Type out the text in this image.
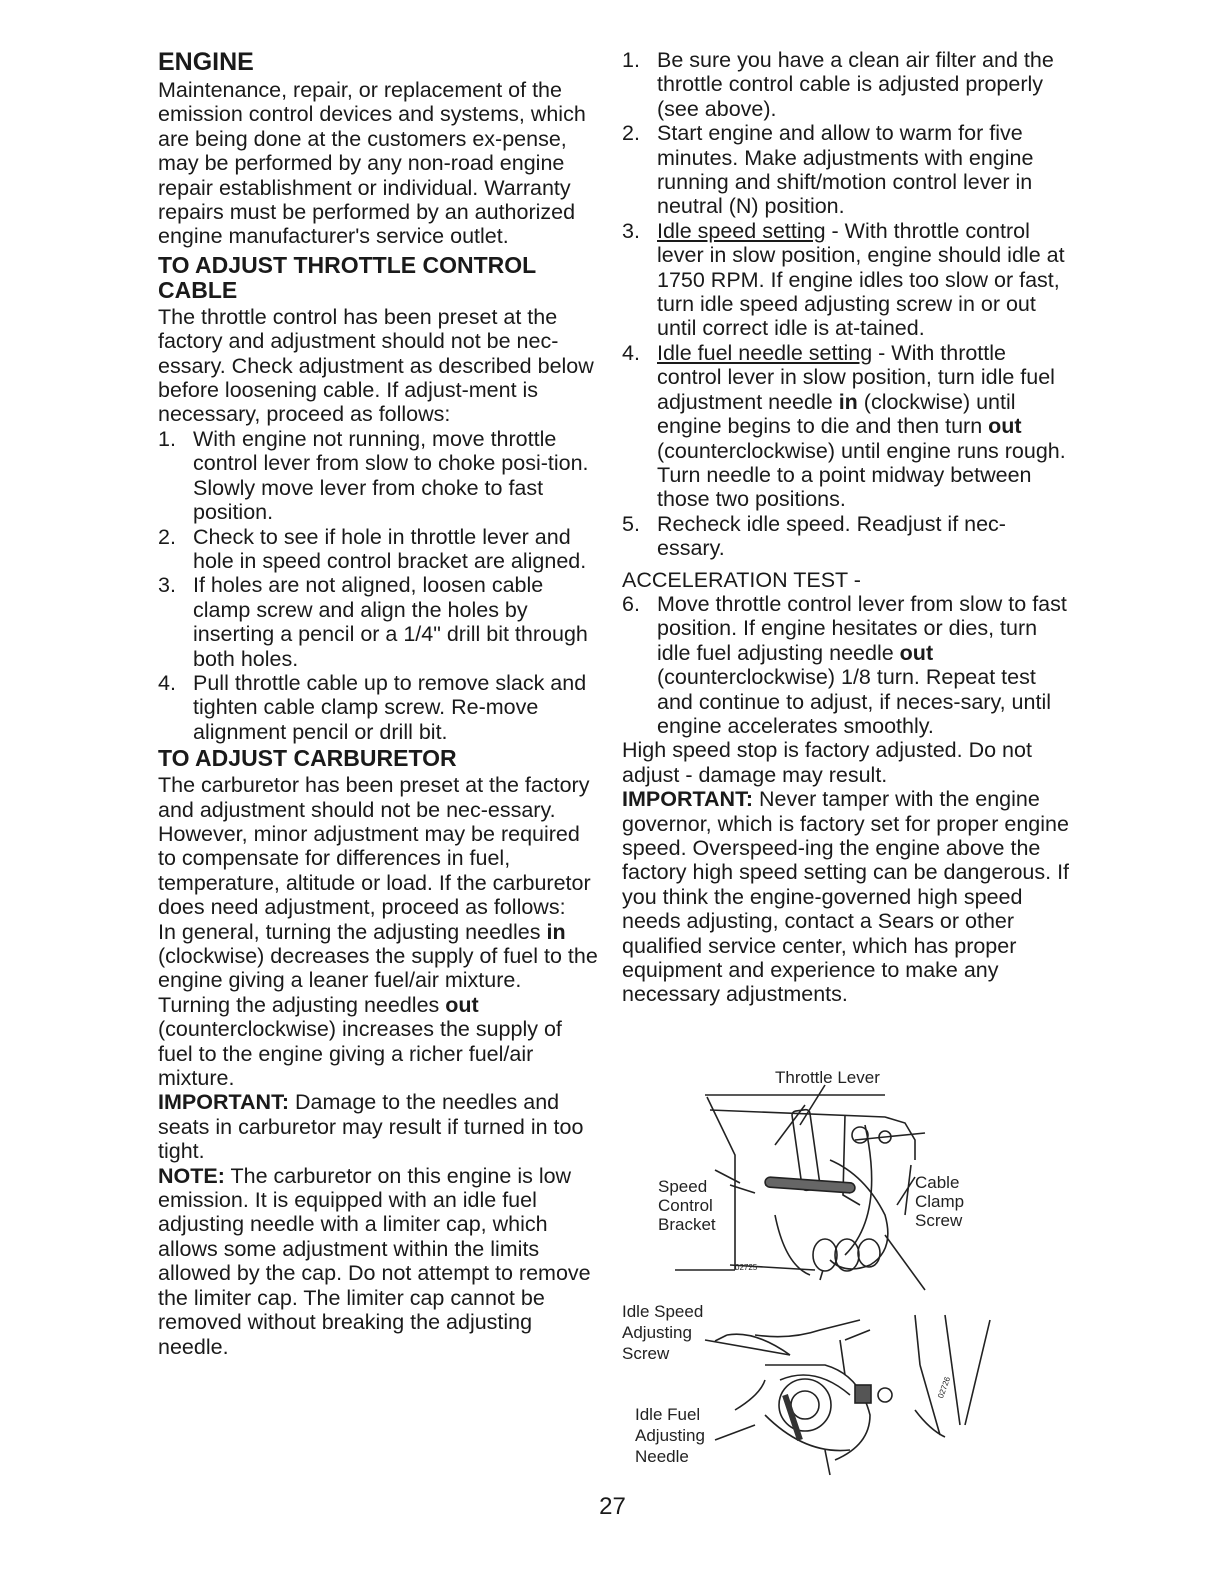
ENGINE

Maintenance, repair, or replacement of the emission control devices and systems, which are being done at the customers ex-pense, may be performed by any non-road engine repair establishment or individual. Warranty repairs must be performed by an authorized engine manufacturer's service outlet.

TO ADJUST THROTTLE CONTROL CABLE

The throttle control has been preset at the factory and adjustment should not be nec-essary. Check adjustment as described below before loosening cable. If adjust-ment is necessary, proceed as follows:

1. With engine not running, move throttle control lever from slow to choke posi-tion. Slowly move lever from choke to fast position.
2. Check to see if hole in throttle lever and hole in speed control bracket are aligned.
3. If holes are not aligned, loosen cable clamp screw and align the holes by inserting a pencil or a 1/4" drill bit through both holes.
4. Pull throttle cable up to remove slack and tighten cable clamp screw. Re-move alignment pencil or drill bit.
TO ADJUST CARBURETOR

The carburetor has been preset at the factory and adjustment should not be nec-essary. However, minor adjustment may be required to compensate for differences in fuel, temperature, altitude or load. If the carburetor does need adjustment, proceed as follows:

In general, turning the adjusting needles in (clockwise) decreases the supply of fuel to the engine giving a leaner fuel/air mixture. Turning the adjusting needles out (counterclockwise) increases the supply of fuel to the engine giving a richer fuel/air mixture.

IMPORTANT: Damage to the needles and seats in carburetor may result if turned in too tight.

NOTE: The carburetor on this engine is low emission. It is equipped with an idle fuel adjusting needle with a limiter cap, which allows some adjustment within the limits allowed by the cap. Do not attempt to remove the limiter cap. The limiter cap cannot be removed without breaking the adjusting needle.

1. Be sure you have a clean air filter and the throttle control cable is adjusted properly (see above).
2. Start engine and allow to warm for five minutes. Make adjustments with engine running and shift/motion control lever in neutral (N) position.
3. Idle speed setting - With throttle control lever in slow position, engine should idle at 1750 RPM. If engine idles too slow or fast, turn idle speed adjusting screw in or out until correct idle is at-tained.
4. Idle fuel needle setting - With throttle control lever in slow position, turn idle fuel adjustment needle in (clockwise) until engine begins to die and then turn out (counterclockwise) until engine runs rough. Turn needle to a point midway between those two positions.
5. Recheck idle speed. Readjust if nec-essary.

ACCELERATION TEST -

6. Move throttle control lever from slow to fast position. If engine hesitates or dies, turn idle fuel adjusting needle out (counterclockwise) 1/8 turn. Repeat test and continue to adjust, if neces-sary, until engine accelerates smoothly.

High speed stop is factory adjusted. Do not adjust - damage may result.

IMPORTANT: Never tamper with the engine governor, which is factory set for proper engine speed. Overspeed-ing the engine above the factory high speed setting can be dangerous. If you think the engine-governed high speed needs adjusting, contact a Sears or other qualified service center, which has proper equipment and experience to make any necessary adjustments.

Throttle Lever
Speed
Control
Bracket
Cable
Clamp
Screw
02725
Idle Speed
Adjusting
Screw
Idle Fuel
Adjusting
Needle
02726
27
